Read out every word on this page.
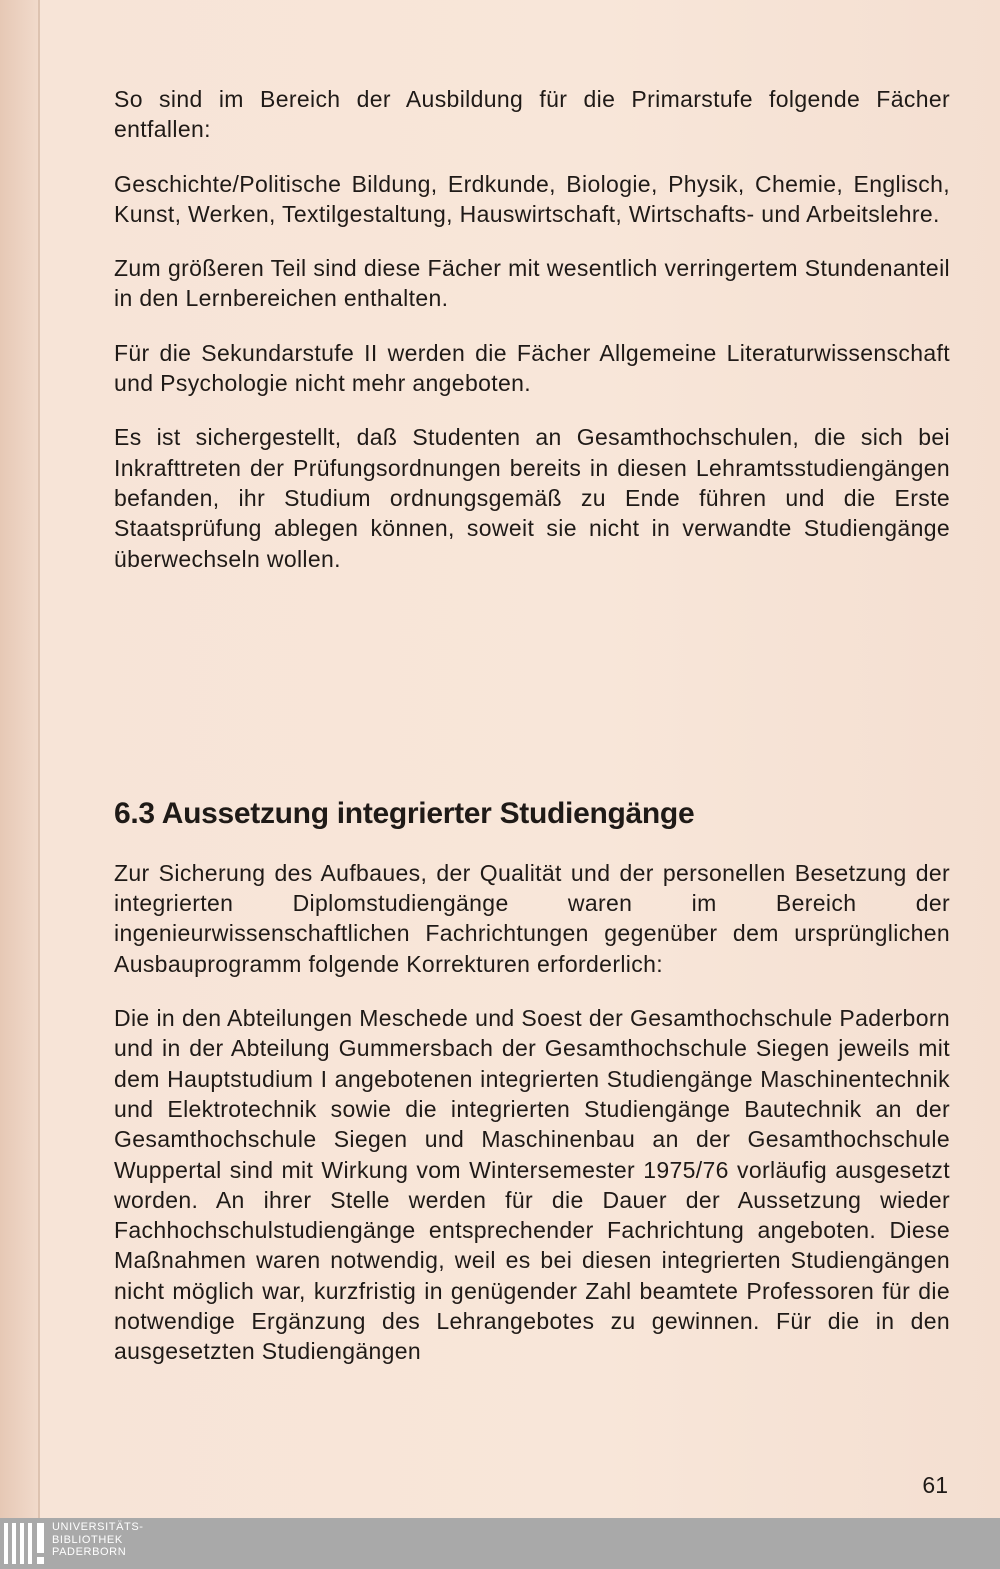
So sind im Bereich der Ausbildung für die Primarstufe folgende Fächer entfallen:

Geschichte/Politische Bildung, Erdkunde, Biologie, Physik, Chemie, Englisch, Kunst, Werken, Textilgestaltung, Hauswirtschaft, Wirtschafts- und Arbeitslehre.

Zum größeren Teil sind diese Fächer mit wesentlich verringertem Stundenanteil in den Lernbereichen enthalten.

Für die Sekundarstufe II werden die Fächer Allgemeine Literaturwissenschaft und Psychologie nicht mehr angeboten.

Es ist sichergestellt, daß Studenten an Gesamthochschulen, die sich bei Inkrafttreten der Prüfungsordnungen bereits in diesen Lehramtsstudiengängen befanden, ihr Studium ordnungsgemäß zu Ende führen und die Erste Staatsprüfung ablegen können, soweit sie nicht in verwandte Studiengänge überwechseln wollen.

6.3 Aussetzung integrierter Studiengänge

Zur Sicherung des Aufbaues, der Qualität und der personellen Besetzung der integrierten Diplomstudiengänge waren im Bereich der ingenieurwissenschaftlichen Fachrichtungen gegenüber dem ursprünglichen Ausbauprogramm folgende Korrekturen erforderlich:

Die in den Abteilungen Meschede und Soest der Gesamthochschule Paderborn und in der Abteilung Gummersbach der Gesamthochschule Siegen jeweils mit dem Hauptstudium I angebotenen integrierten Studiengänge Maschinentechnik und Elektrotechnik sowie die integrierten Studiengänge Bautechnik an der Gesamthochschule Siegen und Maschinenbau an der Gesamthochschule Wuppertal sind mit Wirkung vom Wintersemester 1975/76 vorläufig ausgesetzt worden. An ihrer Stelle werden für die Dauer der Aussetzung wieder Fachhochschulstudiengänge entsprechender Fachrichtung angeboten. Diese Maßnahmen waren notwendig, weil es bei diesen integrierten Studiengängen nicht möglich war, kurzfristig in genügender Zahl beamtete Professoren für die notwendige Ergänzung des Lehrangebotes zu gewinnen. Für die in den ausgesetzten Studiengängen

61
UNIVERSITÄTS-
BIBLIOTHEK
PADERBORN
